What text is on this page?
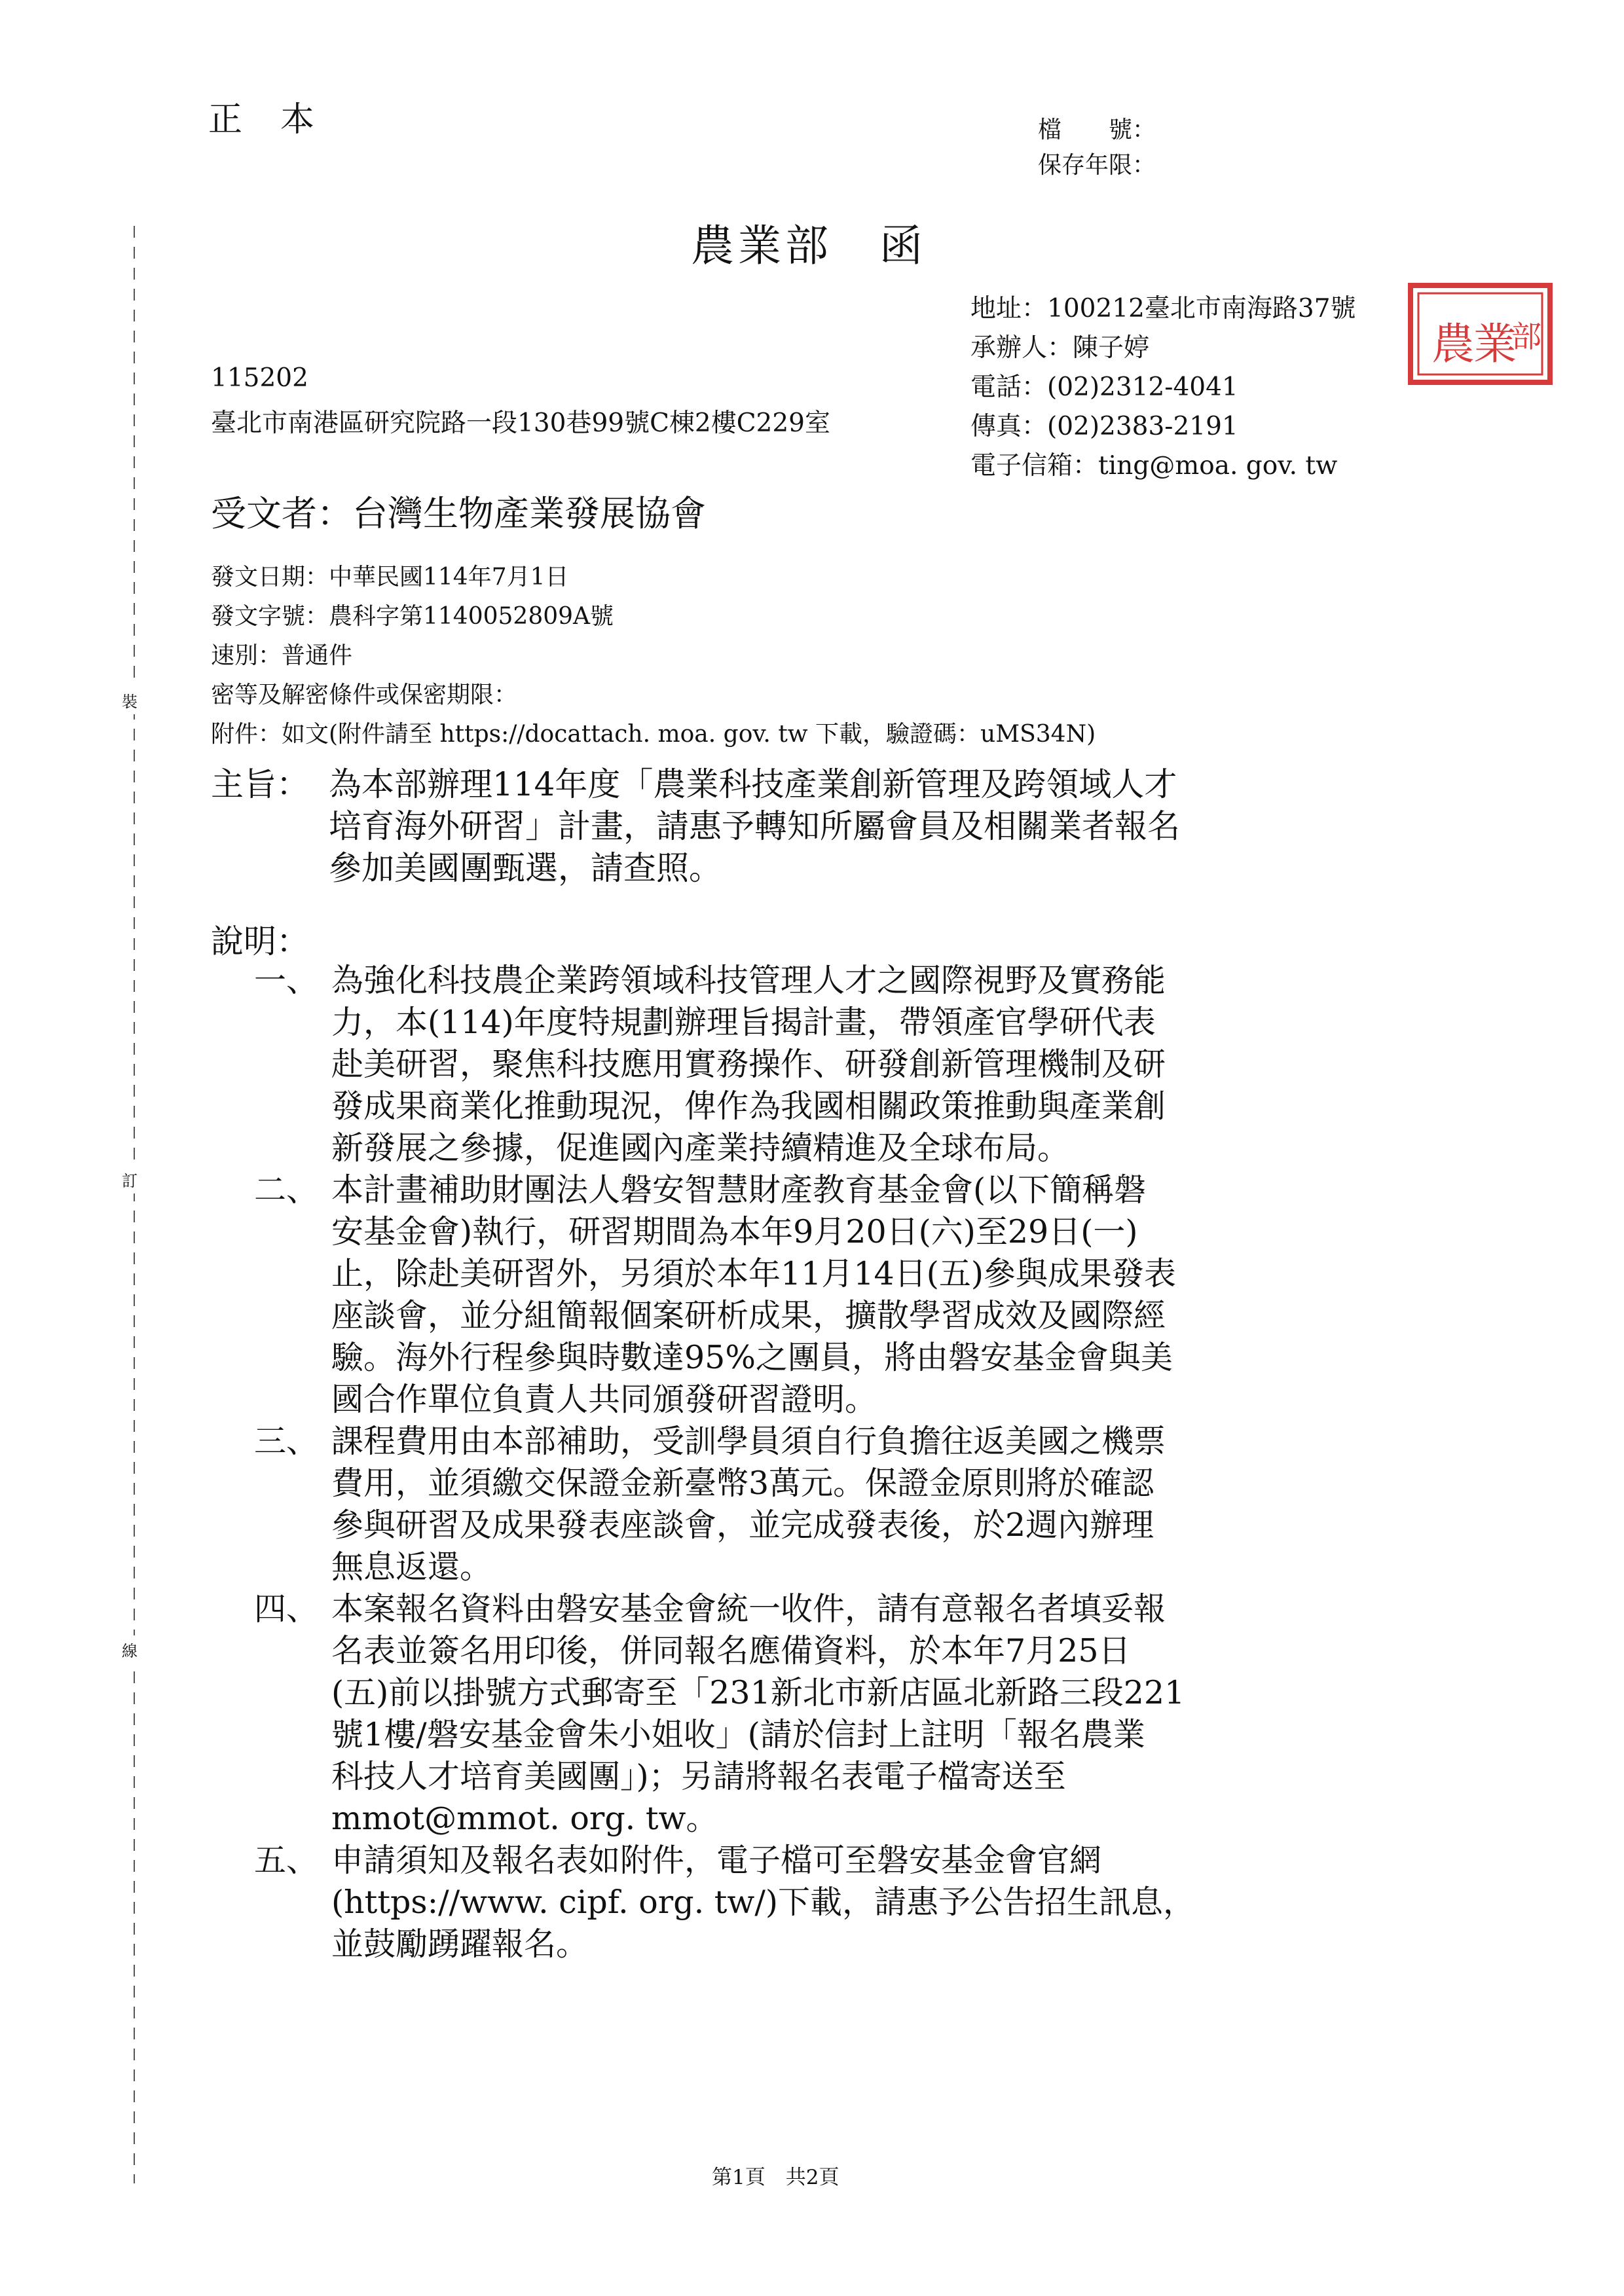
裝
訂
線
正本	檔　　號：
保存年限：
農業部　函
地址：100212臺北市南海路37號
承辦人：陳子婷
電話：(02)2312-4041
傳真：(02)2383-2191
電子信箱：ting@moa. gov. tw
農
業
部
115202
臺北市南港區研究院路一段130巷99號C棟2樓C229室
受文者：台灣生物產業發展協會
發文日期：中華民國114年7月1日
發文字號：農科字第1140052809A號
速別：普通件
密等及解密條件或保密期限：
附件：如文(附件請至 https://docattach. moa. gov. tw 下載，驗證碼：uMS34N)
主旨： 為本部辦理114年度「農業科技產業創新管理及跨領域人才
培育海外研習」計畫，請惠予轉知所屬會員及相關業者報名
參加美國團甄選，請查照。
說明：
一、 為強化科技農企業跨領域科技管理人才之國際視野及實務能
力，本(114)年度特規劃辦理旨揭計畫，帶領產官學研代表
赴美研習，聚焦科技應用實務操作、研發創新管理機制及研
發成果商業化推動現況，俾作為我國相關政策推動與產業創
新發展之參據，促進國內產業持續精進及全球布局。
二、 本計畫補助財團法人磐安智慧財產教育基金會(以下簡稱磐
安基金會)執行，研習期間為本年9月20日(六)至29日(一)
止，除赴美研習外，另須於本年11月14日(五)參與成果發表
座談會，並分組簡報個案研析成果，擴散學習成效及國際經
驗。海外行程參與時數達95%之團員，將由磐安基金會與美
國合作單位負責人共同頒發研習證明。
三、 課程費用由本部補助，受訓學員須自行負擔往返美國之機票
費用，並須繳交保證金新臺幣3萬元。保證金原則將於確認
參與研習及成果發表座談會，並完成發表後，於2週內辦理
無息返還。
四、 本案報名資料由磐安基金會統一收件，請有意報名者填妥報
名表並簽名用印後，併同報名應備資料，於本年7月25日
(五)前以掛號方式郵寄至「231新北市新店區北新路三段221
號1樓/磐安基金會朱小姐收」(請於信封上註明「報名農業
科技人才培育美國團」)；另請將報名表電子檔寄送至
mmot@mmot. org. tw。
五、 申請須知及報名表如附件，電子檔可至磐安基金會官網
(https://www. cipf. org. tw/)下載，請惠予公告招生訊息，
並鼓勵踴躍報名。
第1頁　共2頁
